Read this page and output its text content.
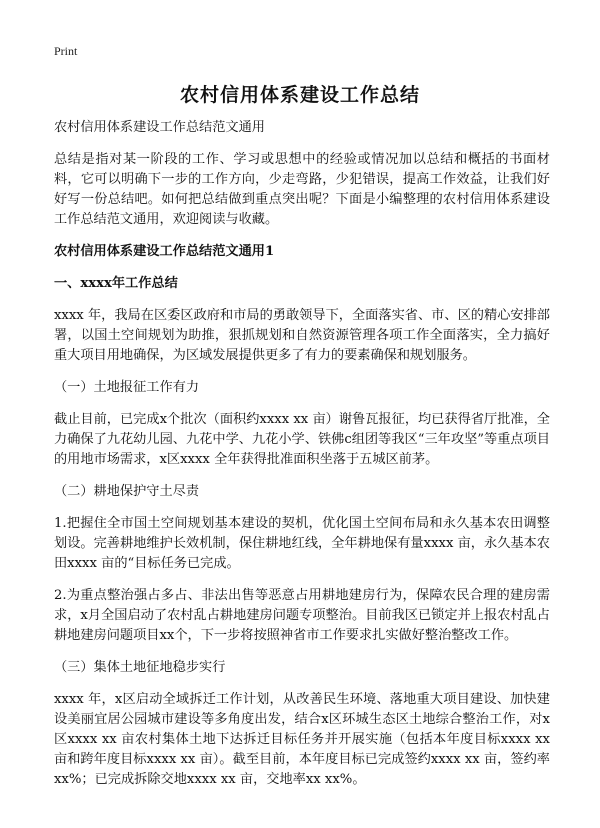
Print
农村信用体系建设工作总结

农村信用体系建设工作总结范文通用

总结是指对某一阶段的工作、学习或思想中的经验或情况加以总结和概括的书面材料，它可以明确下一步的工作方向，少走弯路，少犯错误，提高工作效益，让我们好好写一份总结吧。如何把总结做到重点突出呢？下面是小编整理的农村信用体系建设工作总结范文通用，欢迎阅读与收藏。

农村信用体系建设工作总结范文通用1

一、xxxx年工作总结

xxxx 年，我局在区委区政府和市局的勇敢领导下，全面落实省、市、区的精心安排部署，以国土空间规划为助推，狠抓规划和自然资源管理各项工作全面落实，全力搞好重大项目用地确保，为区域发展提供更多了有力的要素确保和规划服务。

（一）土地报征工作有力

截止目前，已完成x个批次（面积约xxxx xx 亩）谢鲁瓦报征，均已获得省厅批准，全力确保了九花幼儿园、九花中学、九花小学、铁佛c组团等我区“三年攻坚”等重点项目的用地市场需求，x区xxxx 全年获得批准面积坐落于五城区前茅。

（二）耕地保护守土尽责

1.把握住全市国土空间规划基本建设的契机，优化国土空间布局和永久基本农田调整划设。完善耕地维护长效机制，保住耕地红线，全年耕地保有量xxxx 亩，永久基本农田xxxx 亩的“目标任务已完成。

2.为重点整治强占多占、非法出售等恶意占用耕地建房行为，保障农民合理的建房需求，x月全国启动了农村乱占耕地建房问题专项整治。目前我区已锁定并上报农村乱占耕地建房问题项目xx个，下一步将按照神省市工作要求扎实做好整治整改工作。

（三）集体土地征地稳步实行

xxxx 年，x区启动全域拆迁工作计划，从改善民生环境、落地重大项目建设、加快建设美丽宜居公园城市建设等多角度出发，结合x区环城生态区土地综合整治工作，对x区xxxx xx 亩农村集体土地下达拆迁目标任务并开展实施（包括本年度目标xxxx xx 亩和跨年度目标xxxx xx 亩）。截至目前，本年度目标已完成签约xxxx xx 亩，签约率xx%；已完成拆除交地xxxx xx 亩，交地率xx xx%。
